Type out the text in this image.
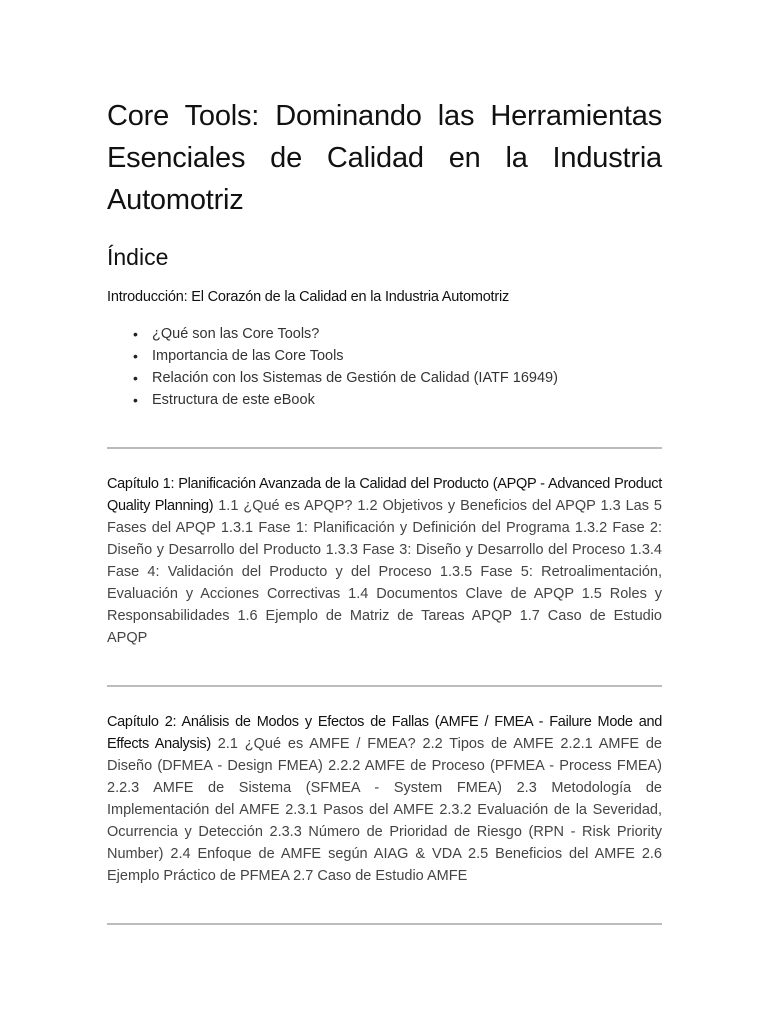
Core Tools: Dominando las Herramientas Esenciales de Calidad en la Industria Automotriz
Índice
Introducción: El Corazón de la Calidad en la Industria Automotriz
• ¿Qué son las Core Tools?
• Importancia de las Core Tools
• Relación con los Sistemas de Gestión de Calidad (IATF 16949)
• Estructura de este eBook

Capítulo 1: Planificación Avanzada de la Calidad del Producto (APQP - Advanced Product Quality Planning) 1.1 ¿Qué es APQP? 1.2 Objetivos y Beneficios del APQP 1.3 Las 5 Fases del APQP 1.3.1 Fase 1: Planificación y Definición del Programa 1.3.2 Fase 2: Diseño y Desarrollo del Producto 1.3.3 Fase 3: Diseño y Desarrollo del Proceso 1.3.4 Fase 4: Validación del Producto y del Proceso 1.3.5 Fase 5: Retroalimentación, Evaluación y Acciones Correctivas 1.4 Documentos Clave de APQP 1.5 Roles y Responsabilidades 1.6 Ejemplo de Matriz de Tareas APQP 1.7 Caso de Estudio APQP

Capítulo 2: Análisis de Modos y Efectos de Fallas (AMFE / FMEA - Failure Mode and Effects Analysis) 2.1 ¿Qué es AMFE / FMEA? 2.2 Tipos de AMFE 2.2.1 AMFE de Diseño (DFMEA - Design FMEA) 2.2.2 AMFE de Proceso (PFMEA - Process FMEA) 2.2.3 AMFE de Sistema (SFMEA - System FMEA) 2.3 Metodología de Implementación del AMFE 2.3.1 Pasos del AMFE 2.3.2 Evaluación de la Severidad, Ocurrencia y Detección 2.3.3 Número de Prioridad de Riesgo (RPN - Risk Priority Number) 2.4 Enfoque de AMFE según AIAG & VDA 2.5 Beneficios del AMFE 2.6 Ejemplo Práctico de PFMEA 2.7 Caso de Estudio AMFE
